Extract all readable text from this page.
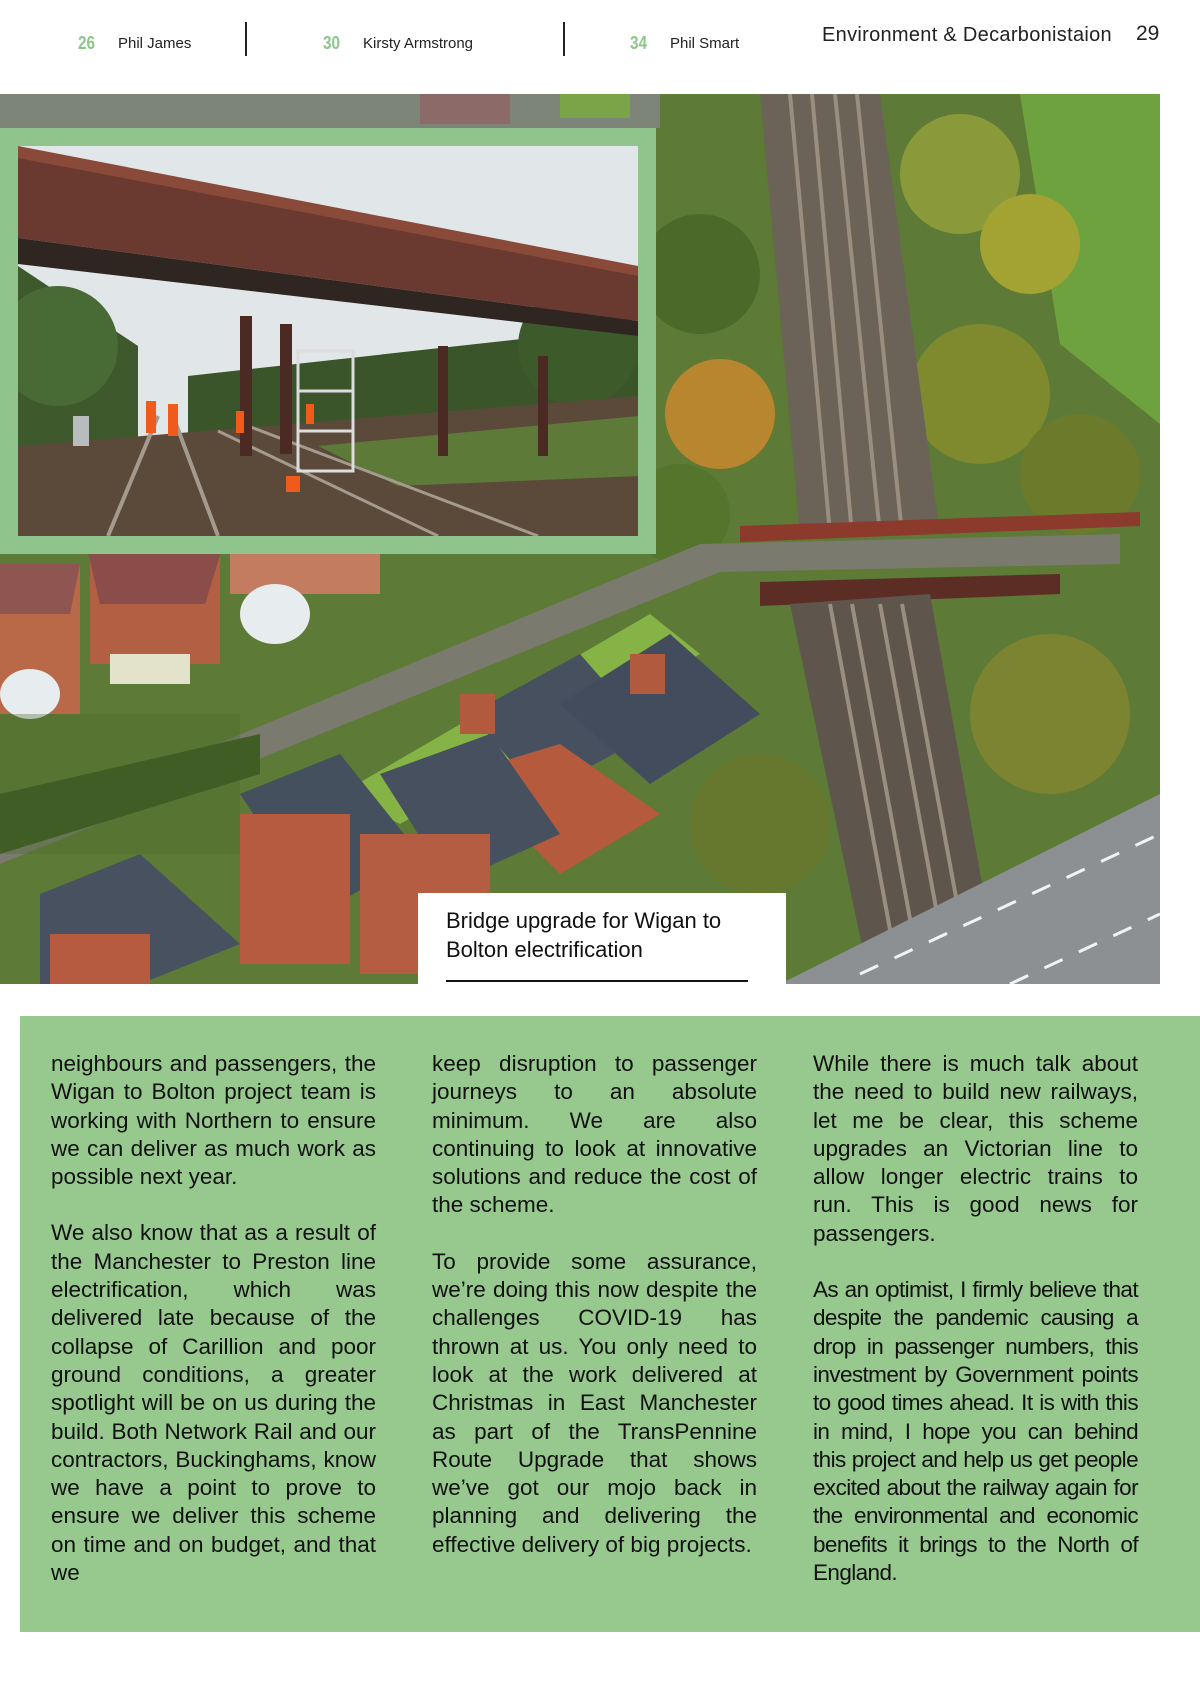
26	Phil James	30	Kirsty Armstrong	34	Phil Smart	Environment & Decarbonistaion 29
Bridge upgrade for Wigan to
Bolton electrification

neighbours and passengers, the Wigan to Bolton project team is working with Northern to ensure we can deliver as much work as possible next year.

We also know that as a result of the Manchester to Preston line electrification, which was delivered late because of the collapse of Carillion and poor ground conditions, a greater spotlight will be on us during the build. Both Network Rail and our contractors, Buckinghams, know we have a point to prove to ensure we deliver this scheme on time and on budget, and that we

keep disruption to passenger journeys to an absolute minimum. We are also continuing to look at innovative solutions and reduce the cost of the scheme.

To provide some assurance, we’re doing this now despite the challenges COVID-19 has thrown at us. You only need to look at the work delivered at Christmas in East Manchester as part of the TransPennine Route Upgrade that shows we’ve got our mojo back in planning and delivering the effective delivery of big projects.

While there is much talk about the need to build new railways, let me be clear, this scheme upgrades an Victorian line to allow longer electric trains to run. This is good news for passengers.

As an optimist, I firmly believe that despite the pandemic causing a drop in passenger numbers, this investment by Government points to good times ahead. It is with this in mind, I hope you can behind this project and help us get people excited about the railway again for the environmental and economic benefits it brings to the North of England.
